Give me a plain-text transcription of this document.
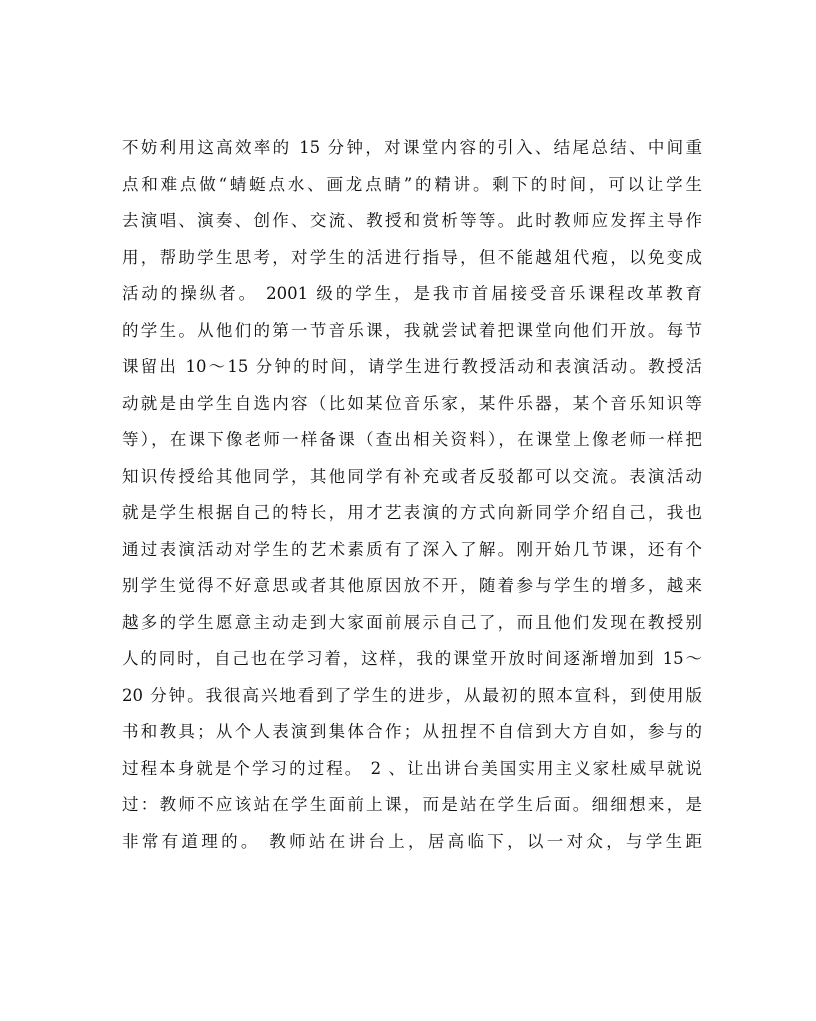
不妨利用这高效率的 15 分钟，对课堂内容的引入、结尾总结、中间重
点和难点做“蜻蜓点水、画龙点睛”的精讲。剩下的时间，可以让学生
去演唱、演奏、创作、交流、教授和赏析等等。此时教师应发挥主导作
用，帮助学生思考，对学生的活进行指导，但不能越俎代疱，以免变成
活动的操纵者。 2001 级的学生，是我市首届接受音乐课程改革教育
的学生。从他们的第一节音乐课，我就尝试着把课堂向他们开放。每节
课留出 10～15 分钟的时间，请学生进行教授活动和表演活动。教授活
动就是由学生自选内容（比如某位音乐家，某件乐器，某个音乐知识等
等），在课下像老师一样备课（查出相关资料），在课堂上像老师一样把
知识传授给其他同学，其他同学有补充或者反驳都可以交流。表演活动
就是学生根据自己的特长，用才艺表演的方式向新同学介绍自己，我也
通过表演活动对学生的艺术素质有了深入了解。刚开始几节课，还有个
别学生觉得不好意思或者其他原因放不开，随着参与学生的增多，越来
越多的学生愿意主动走到大家面前展示自己了，而且他们发现在教授别
人的同时，自己也在学习着，这样，我的课堂开放时间逐渐增加到 15～
20 分钟。我很高兴地看到了学生的进步，从最初的照本宣科，到使用版
书和教具；从个人表演到集体合作；从扭捏不自信到大方自如，参与的
过程本身就是个学习的过程。 2 、让出讲台美国实用主义家杜威早就说
过：教师不应该站在学生面前上课，而是站在学生后面。细细想来，是
非常有道理的。 教师站在讲台上，居高临下，以一对众，与学生距
